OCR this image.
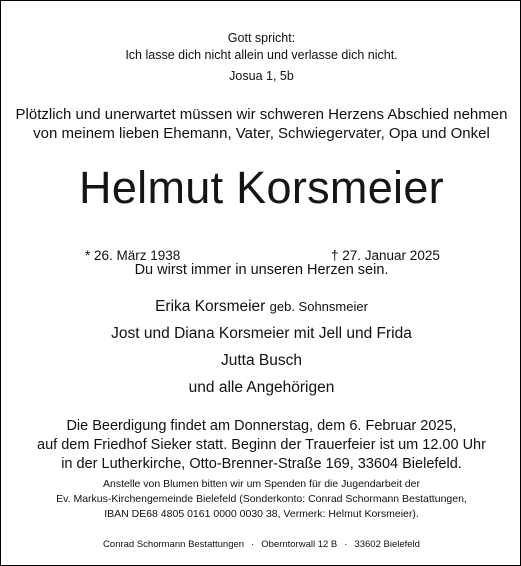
Gott spricht:
Ich lasse dich nicht allein und verlasse dich nicht.
Josua 1, 5b
Plötzlich und unerwartet müssen wir schweren Herzens Abschied nehmen
von meinem lieben Ehemann, Vater, Schwiegervater, Opa und Onkel
Helmut Korsmeier
* 26. März 1938	† 27. Januar 2025
Du wirst immer in unseren Herzen sein.
Erika Korsmeier geb. Sohnsmeier
Jost und Diana Korsmeier mit Jell und Frida
Jutta Busch
und alle Angehörigen
Die Beerdigung findet am Donnerstag, dem 6. Februar 2025,
auf dem Friedhof Sieker statt. Beginn der Trauerfeier ist um 12.00 Uhr
in der Lutherkirche, Otto-Brenner-Straße 169, 33604 Bielefeld.
Anstelle von Blumen bitten wir um Spenden für die Jugendarbeit der
Ev. Markus-Kirchengemeinde Bielefeld (Sonderkonto: Conrad Schormann Bestattungen,
IBAN DE68 4805 0161 0000 0030 38, Vermerk: Helmut Korsmeier).
Conrad Schormann Bestattungen · Oberntorwall 12 B · 33602 Bielefeld
